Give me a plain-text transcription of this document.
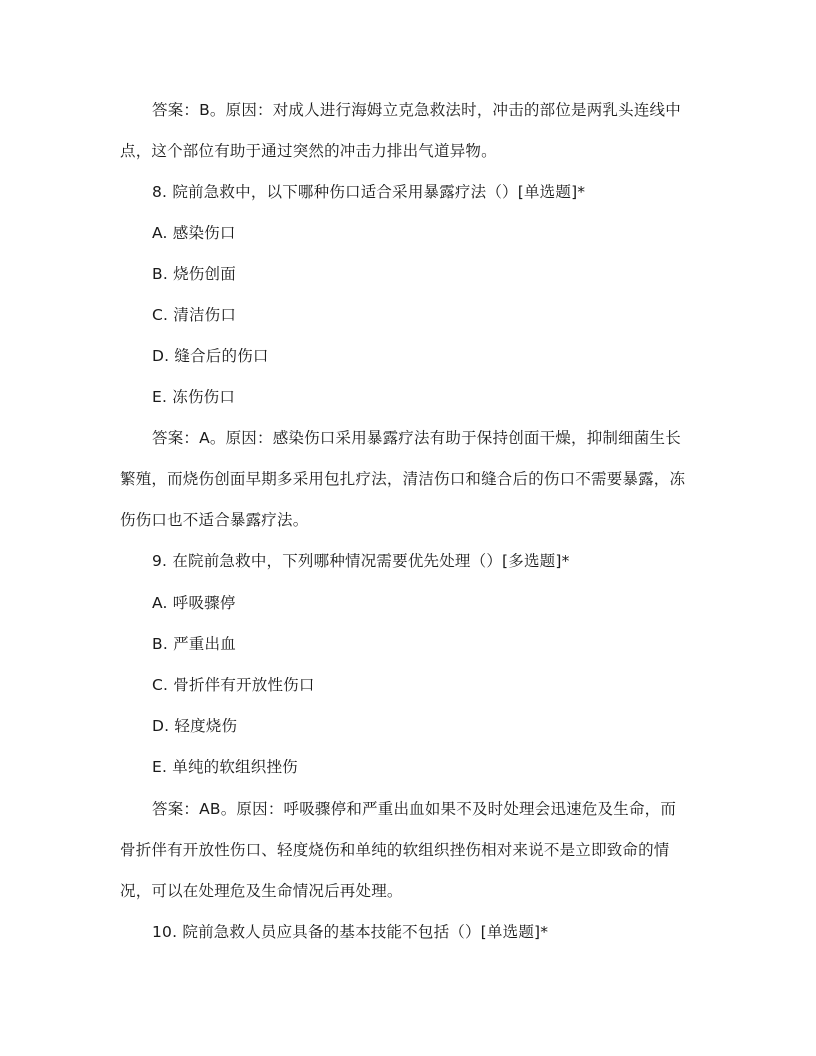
答案：B。原因：对成人进行海姆立克急救法时，冲击的部位是两乳头连线中
点，这个部位有助于通过突然的冲击力排出气道异物。
8. 院前急救中，以下哪种伤口适合采用暴露疗法（）[单选题]*
A. 感染伤口
B. 烧伤创面
C. 清洁伤口
D. 缝合后的伤口
E. 冻伤伤口
答案：A。原因：感染伤口采用暴露疗法有助于保持创面干燥，抑制细菌生长
繁殖，而烧伤创面早期多采用包扎疗法，清洁伤口和缝合后的伤口不需要暴露，冻
伤伤口也不适合暴露疗法。
9. 在院前急救中，下列哪种情况需要优先处理（）[多选题]*
A. 呼吸骤停
B. 严重出血
C. 骨折伴有开放性伤口
D. 轻度烧伤
E. 单纯的软组织挫伤
答案：AB。原因：呼吸骤停和严重出血如果不及时处理会迅速危及生命，而
骨折伴有开放性伤口、轻度烧伤和单纯的软组织挫伤相对来说不是立即致命的情
况，可以在处理危及生命情况后再处理。
10. 院前急救人员应具备的基本技能不包括（）[单选题]*
